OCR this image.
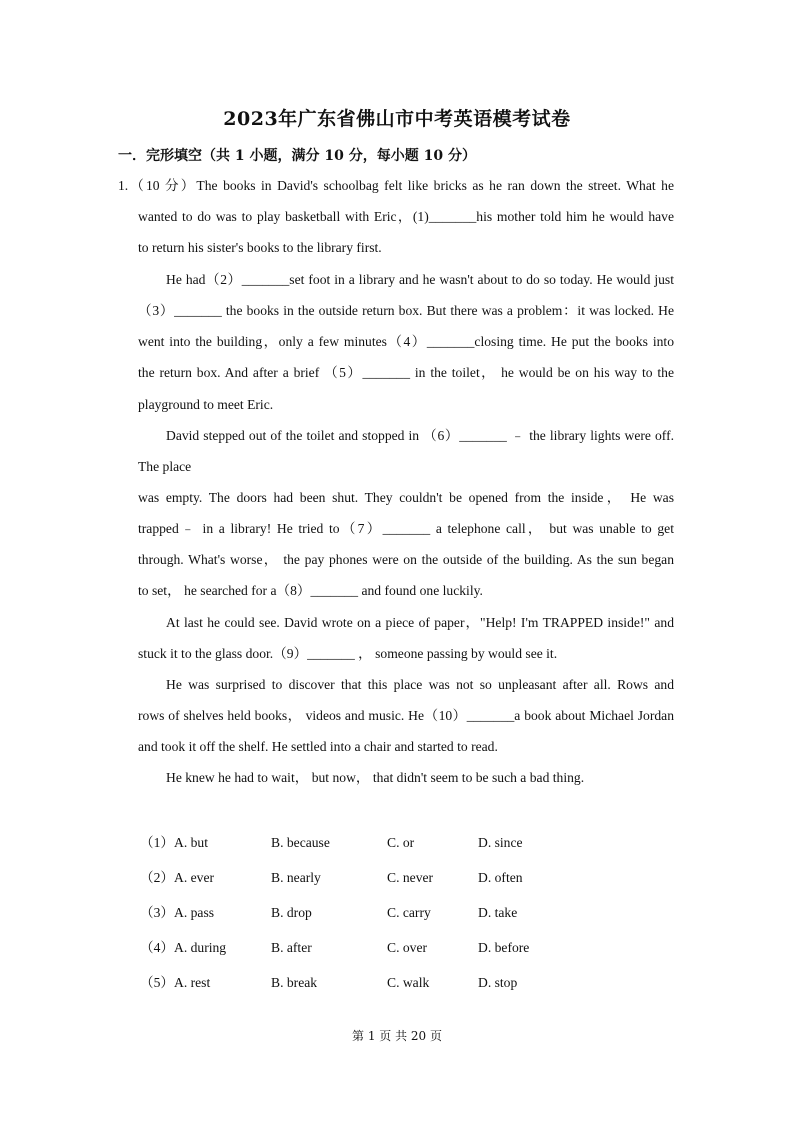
2023年广东省佛山市中考英语模考试卷
一．完形填空（共 1 小题，满分 10 分，每小题 10 分）
1.（10 分）The books in David's schoolbag felt like bricks as he ran down the street. What he
wanted to do was to play basketball with Eric，(1)_______his mother told him he would have
to return his sister's books to the library first.
He had（2）_______set foot in a library and he wasn't about to do so today. He would just
（3）_______ the books in the outside return box. But there was a problem：it was locked. He
went into the building，only a few minutes（4）_______closing time. He put the books into
the return box. And after a brief （5）_______ in the toilet， he would be on his way to the
playground to meet Eric.
David stepped out of the toilet and stopped in （6）_______ ﹣ the library lights were off.
The place
was empty. The doors had been shut. They couldn't be opened from the inside， He was
trapped﹣ in a library! He tried to（7）_______ a telephone call， but was unable to get
through. What's worse， the pay phones were on the outside of the building. As the sun began
to set， he searched for a（8）_______ and found one luckily.
At last he could see. David wrote on a piece of paper，"Help! I'm TRAPPED inside!" and
stuck it to the glass door.（9）_______ ， someone passing by would see it.
He was surprised to discover that this place was not so unpleasant after all. Rows and
rows of shelves held books， videos and music. He（10）_______a book about Michael Jordan
and took it off the shelf. He settled into a chair and started to read.
He knew he had to wait， but now， that didn't seem to be such a bad thing.
（1） A. but	B. because	C. or	D. since
（2） A. ever	B. nearly	C. never	D. often
（3） A. pass	B. drop	C. carry	D. take
（4） A. during	B. after	C. over	D. before
（5） A. rest	B. break	C. walk	D. stop
第 1 页 共 20 页
